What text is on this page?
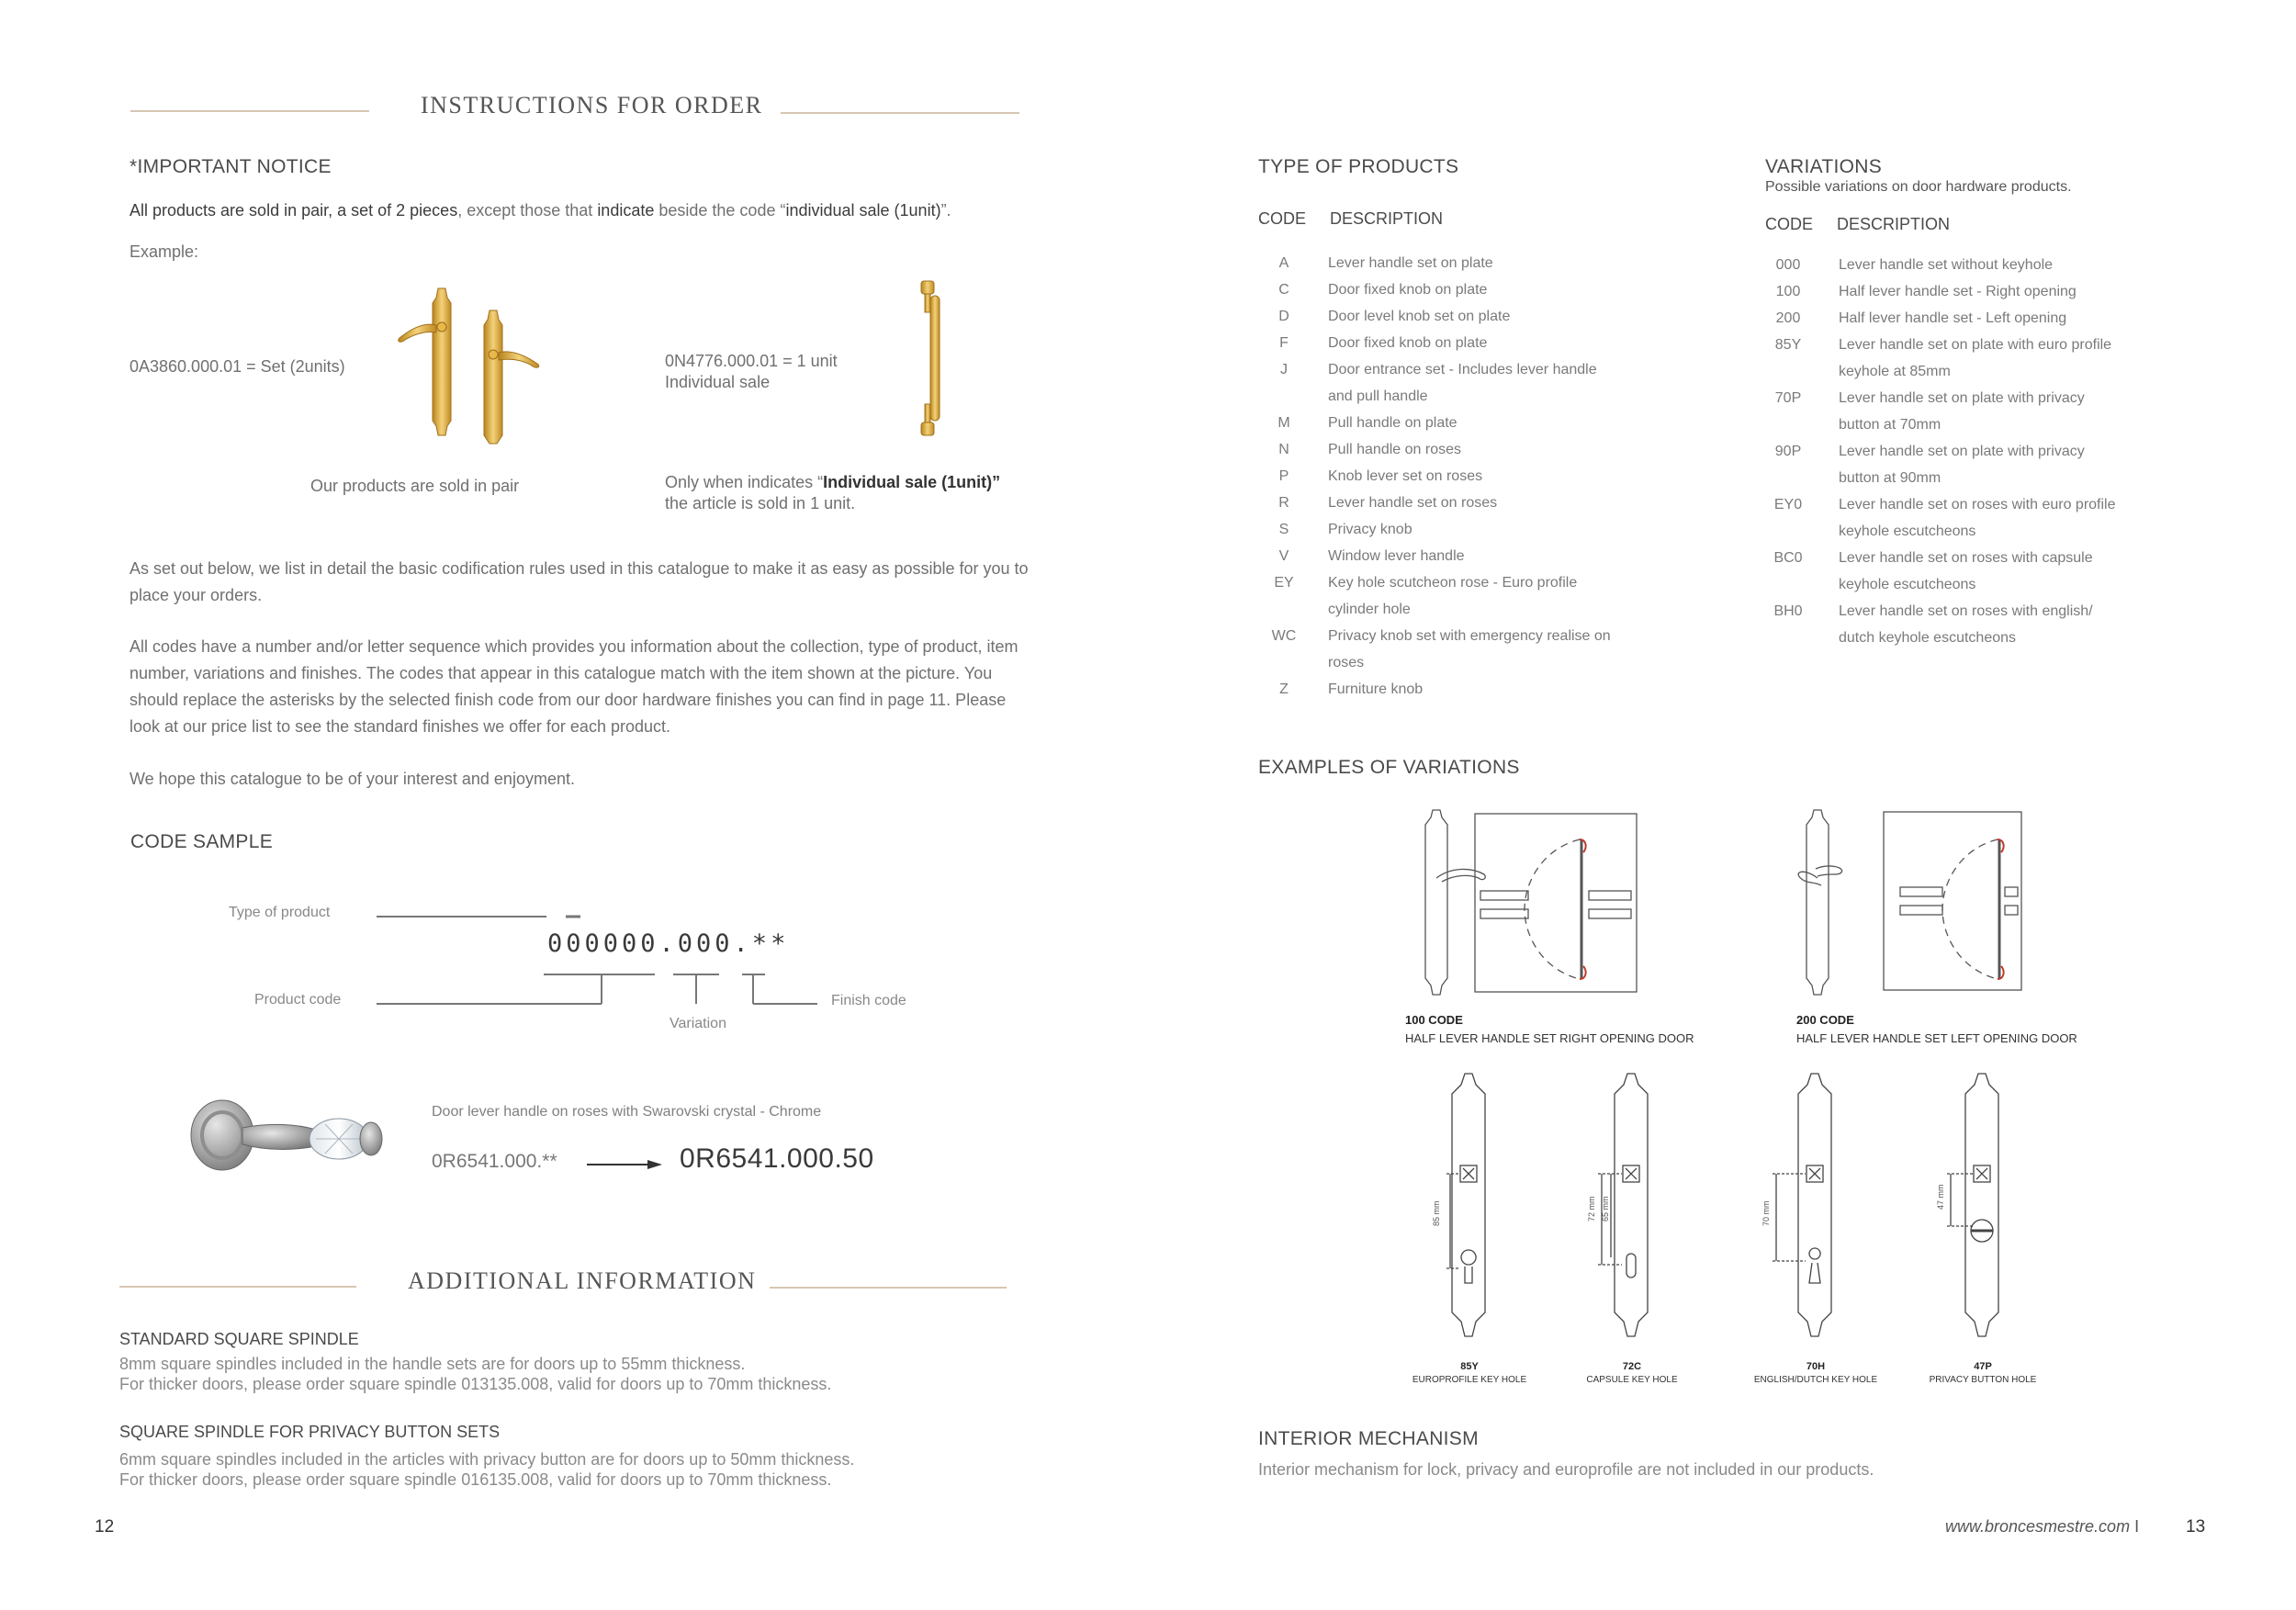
INSTRUCTIONS FOR ORDER
*IMPORTANT NOTICE
All products are sold in pair, a set of 2 pieces, except those that indicate beside the code “individual sale (1unit)”.
Example:
0A3860.000.01 = Set (2units)
Our products are sold in pair
0N4776.000.01 = 1 unit
Individual sale
Only when indicates “Individual sale (1unit)”
the article is sold in 1 unit.
As set out below, we list in detail the basic codification rules used in this catalogue to make it as easy as possible for you to place your orders.
All codes have a number and/or letter sequence which provides you information about the collection, type of product, item number, variations and finishes. The codes that appear in this catalogue match with the item shown at the picture. You should replace the asterisks by the selected finish code from our door hardware finishes you can find in page 11. Please look at our price list to see the standard finishes we offer for each product.
We hope this catalogue to be of your interest and enjoyment.
CODE SAMPLE
Type of product
Product code
Variation
Finish code
000000.000.**
Door lever handle on roses with Swarovski crystal - Chrome
0R6541.000.**	0R6541.000.50
ADDITIONAL INFORMATION
STANDARD SQUARE SPINDLE
8mm square spindles included in the handle sets are for doors up to 55mm thickness.
For thicker doors, please order square spindle 013135.008, valid for doors up to 70mm thickness.
SQUARE SPINDLE FOR PRIVACY BUTTON SETS
6mm square spindles included in the articles with privacy button are for doors up to 50mm thickness.
For thicker doors, please order square spindle 016135.008, valid for doors up to 70mm thickness.
12
TYPE OF PRODUCTS
CODE DESCRIPTION
A	Lever handle set on plate
C	Door fixed knob on plate
D	Door level knob set on plate
F	Door fixed knob on plate
J	Door entrance set - Includes lever handle
and pull handle
M	Pull handle on plate
N	Pull handle on roses
P	Knob lever set on roses
R	Lever handle set on roses
S	Privacy knob
V	Window lever handle
EY	Key hole scutcheon rose - Euro profile
cylinder hole
WC	Privacy knob set with emergency realise on
roses
Z	Furniture knob
VARIATIONS
Possible variations on door hardware products.
CODE DESCRIPTION
000	Lever handle set without keyhole
100	Half lever handle set - Right opening
200	Half lever handle set - Left opening
85Y	Lever handle set on plate with euro profile
keyhole at 85mm
70P	Lever handle set on plate with privacy
button at 70mm
90P	Lever handle set on plate with privacy
button at 90mm
EY0	Lever handle set on roses with euro profile
keyhole escutcheons
BC0	Lever handle set on roses with capsule
keyhole escutcheons
BH0	Lever handle set on roses with english/
dutch keyhole escutcheons
EXAMPLES OF VARIATIONS
100 CODE
HALF LEVER HANDLE SET RIGHT OPENING DOOR
200 CODE
HALF LEVER HANDLE SET LEFT OPENING DOOR
85 mm
85Y
EUROPROFILE KEY HOLE
72 mm 65 mm
72C
CAPSULE KEY HOLE
70 mm
70H
ENGLISH/DUTCH KEY HOLE
47 mm
47P
PRIVACY BUTTON HOLE
INTERIOR MECHANISM
Interior mechanism for lock, privacy and europrofile are not included in our products.
www.broncesmestre.com I	13
